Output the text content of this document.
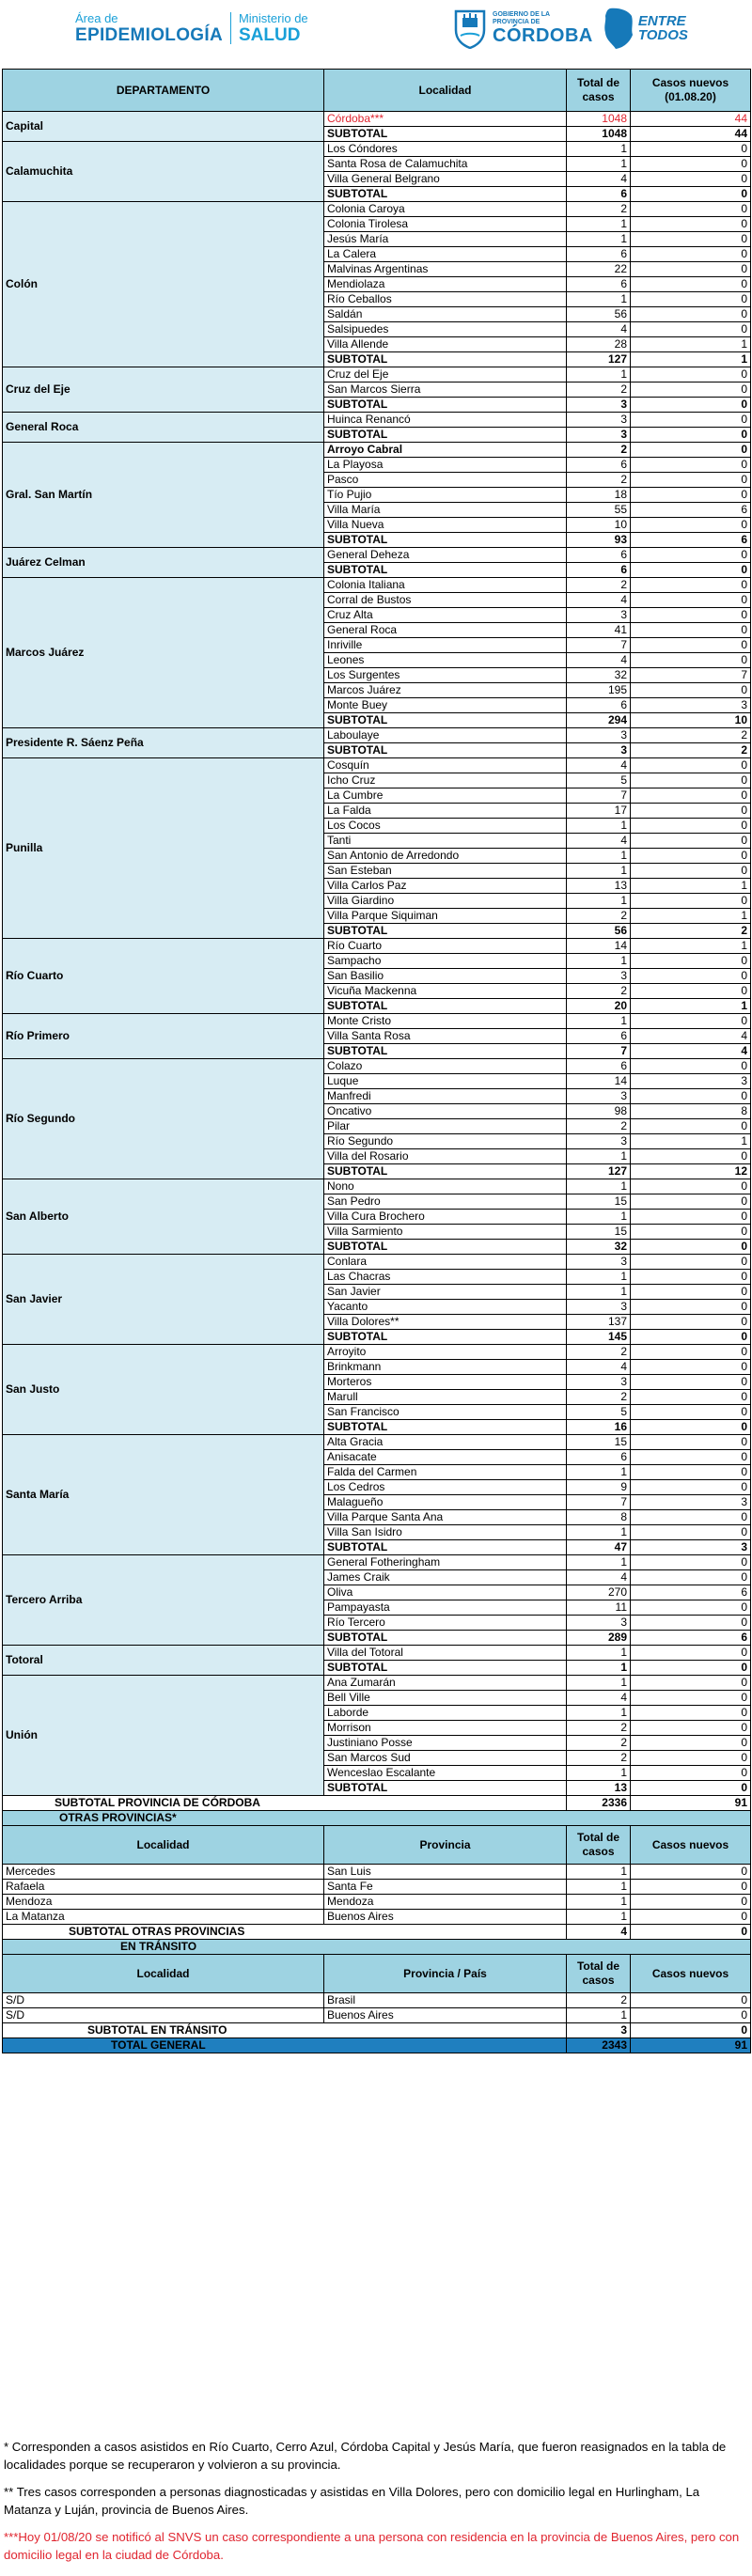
Área de
EPIDEMIOLOGÍA
Ministerio de
SALUD
GOBIERNO DE LA
PROVINCIA DE
CÓRDOBA
ENTRE
TODOS
DEPARTAMENTO	Localidad	Total de casos	Casos nuevos (01.08.20)
Capital	Córdoba***	1048	44
	SUBTOTAL	1048	44
Calamuchita	Los Cóndores	1	0
	Santa Rosa de Calamuchita	1	0
	Villa General Belgrano	4	0
	SUBTOTAL	6	0
Colón	Colonia Caroya	2	0
	Colonia Tirolesa	1	0
	Jesús María	1	0
	La Calera	6	0
	Malvinas Argentinas	22	0
	Mendiolaza	6	0
	Río Ceballos	1	0
	Saldán	56	0
	Salsipuedes	4	0
	Villa Allende	28	1
	SUBTOTAL	127	1
Cruz del Eje	Cruz del Eje	1	0
	San Marcos Sierra	2	0
	SUBTOTAL	3	0
General Roca	Huinca Renancó	3	0
	SUBTOTAL	3	0
Gral. San Martín	Arroyo Cabral	2	0
	La Playosa	6	0
	Pasco	2	0
	Tío Pujio	18	0
	Villa María	55	6
	Villa Nueva	10	0
	SUBTOTAL	93	6
Juárez Celman	General Deheza	6	0
	SUBTOTAL	6	0
Marcos Juárez	Colonia Italiana	2	0
	Corral de Bustos	4	0
	Cruz Alta	3	0
	General Roca	41	0
	Inriville	7	0
	Leones	4	0
	Los Surgentes	32	7
	Marcos Juárez	195	0
	Monte Buey	6	3
	SUBTOTAL	294	10
Presidente R. Sáenz Peña	Laboulaye	3	2
	SUBTOTAL	3	2
Punilla	Cosquín	4	0
	Icho Cruz	5	0
	La Cumbre	7	0
	La Falda	17	0
	Los Cocos	1	0
	Tanti	4	0
	San Antonio de Arredondo	1	0
	San Esteban	1	0
	Villa Carlos Paz	13	1
	Villa Giardino	1	0
	Villa Parque Siquiman	2	1
	SUBTOTAL	56	2
Río Cuarto	Río Cuarto	14	1
	Sampacho	1	0
	San Basilio	3	0
	Vicuña Mackenna	2	0
	SUBTOTAL	20	1
Río Primero	Monte Cristo	1	0
	Villa Santa Rosa	6	4
	SUBTOTAL	7	4
Río Segundo	Colazo	6	0
	Luque	14	3
	Manfredi	3	0
	Oncativo	98	8
	Pilar	2	0
	Río Segundo	3	1
	Villa del Rosario	1	0
	SUBTOTAL	127	12
San Alberto	Nono	1	0
	San Pedro	15	0
	Villa Cura Brochero	1	0
	Villa Sarmiento	15	0
	SUBTOTAL	32	0
San Javier	Conlara	3	0
	Las Chacras	1	0
	San Javier	1	0
	Yacanto	3	0
	Villa Dolores**	137	0
	SUBTOTAL	145	0
San Justo	Arroyito	2	0
	Brinkmann	4	0
	Morteros	3	0
	Marull	2	0
	San Francisco	5	0
	SUBTOTAL	16	0
Santa María	Alta Gracia	15	0
	Anisacate	6	0
	Falda del Carmen	1	0
	Los Cedros	9	0
	Malagueño	7	3
	Villa Parque Santa Ana	8	0
	Villa San Isidro	1	0
	SUBTOTAL	47	3
Tercero Arriba	General Fotheringham	1	0
	James Craik	4	0
	Oliva	270	6
	Pampayasta	11	0
	Río Tercero	3	0
	SUBTOTAL	289	6
Totoral	Villa del Totoral	1	0
	SUBTOTAL	1	0
Unión	Ana Zumarán	1	0
	Bell Ville	4	0
	Laborde	1	0
	Morrison	2	0
	Justiniano Posse	2	0
	San Marcos Sud	2	0
	Wenceslao Escalante	1	0
	SUBTOTAL	13	0
SUBTOTAL PROVINCIA DE CÓRDOBA		2336	91
OTRAS PROVINCIAS*			
Localidad	Provincia	Total de casos	Casos nuevos
Mercedes	San Luis	1	0
Rafaela	Santa Fe	1	0
Mendoza	Mendoza	1	0
La Matanza	Buenos Aires	1	0
SUBTOTAL OTRAS PROVINCIAS		4	0
EN TRÁNSITO			
Localidad	Provincia / País	Total de casos	Casos nuevos
S/D	Brasil	2	0
S/D	Buenos Aires	1	0
SUBTOTAL EN TRÁNSITO		3	0
TOTAL GENERAL		2343	91

* Corresponden a casos asistidos en Río Cuarto, Cerro Azul, Córdoba Capital y Jesús María, que fueron reasignados en la tabla de localidades porque se recuperaron y volvieron a su provincia.

** Tres casos corresponden a personas diagnosticadas y asistidas en Villa Dolores, pero con domicilio legal en Hurlingham, La Matanza y Luján, provincia de Buenos Aires.

***Hoy 01/08/20 se notificó al SNVS un caso correspondiente a una persona con residencia en la provincia de Buenos Aires, pero con domicilio legal en la ciudad de Córdoba.
